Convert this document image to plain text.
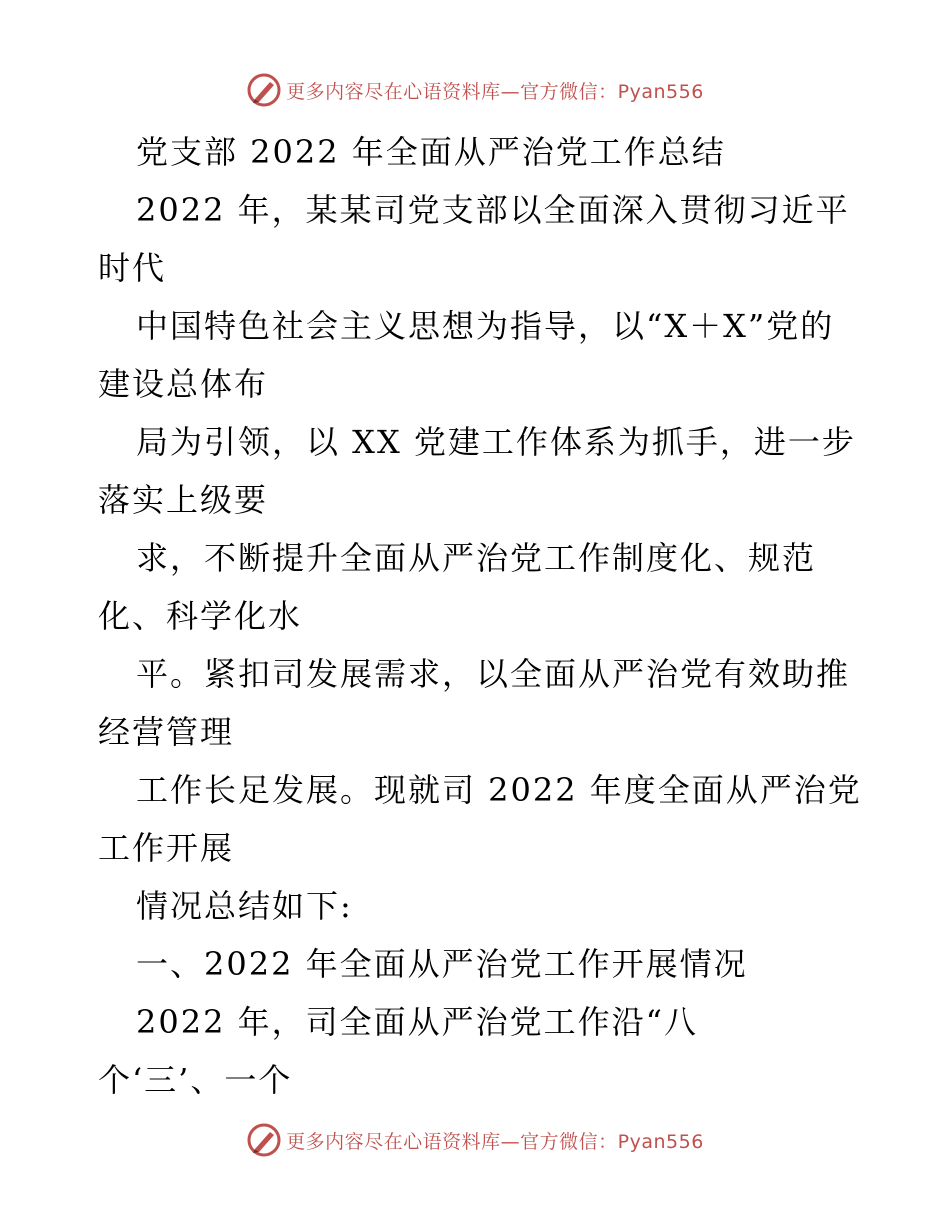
更多内容尽在心语资料库—官方微信：Pyan556
党支部 2022 年全面从严治党工作总结
2022 年，某某司党支部以全面深入贯彻习近平
时代
中国特色社会主义思想为指导，以“X＋X”党的
建设总体布
局为引领，以 XX 党建工作体系为抓手，进一步
落实上级要
求，不断提升全面从严治党工作制度化、规范
化、科学化水
平。紧扣司发展需求，以全面从严治党有效助推
经营管理
工作长足发展。现就司 2022 年度全面从严治党
工作开展
情况总结如下:
一、2022 年全面从严治党工作开展情况
2022 年，司全面从严治党工作沿“八
个‘三’、一个
更多内容尽在心语资料库—官方微信：Pyan556
